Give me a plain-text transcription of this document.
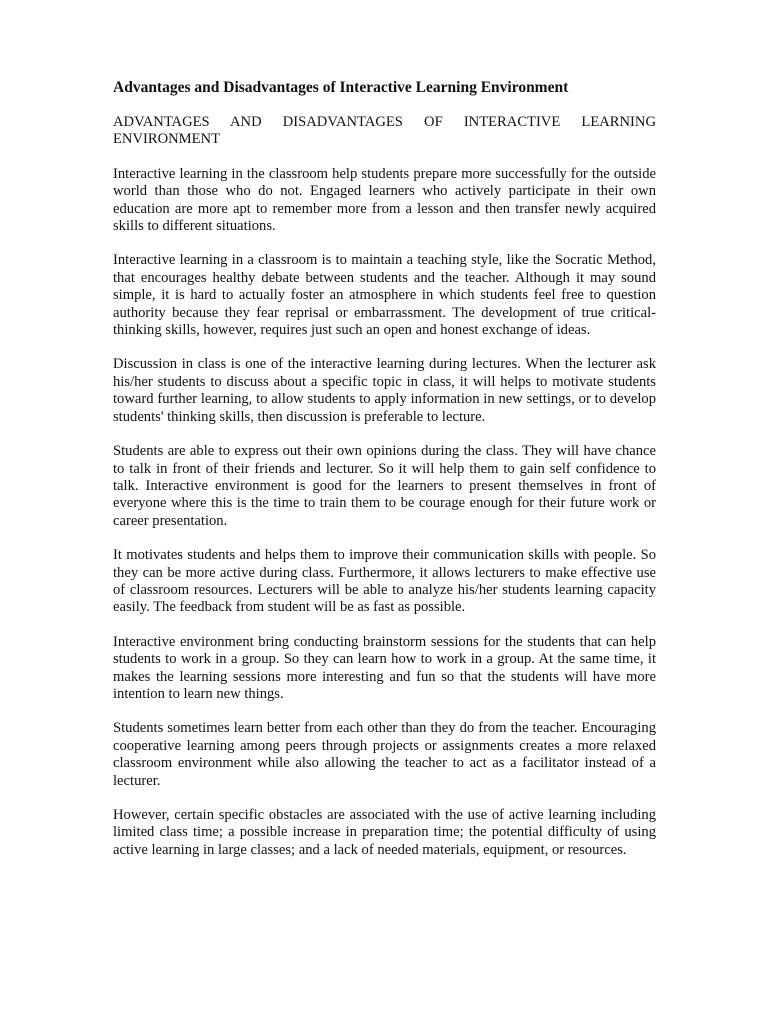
Advantages and Disadvantages of Interactive Learning Environment
ADVANTAGES AND DISADVANTAGES OF INTERACTIVE LEARNING ENVIRONMENT

Interactive learning in the classroom help students prepare more successfully for the outside world than those who do not. Engaged learners who actively participate in their own education are more apt to remember more from a lesson and then transfer newly acquired skills to different situations.

Interactive learning in a classroom is to maintain a teaching style, like the Socratic Method, that encourages healthy debate between students and the teacher. Although it may sound simple, it is hard to actually foster an atmosphere in which students feel free to question authority because they fear reprisal or embarrassment. The development of true critical-thinking skills, however, requires just such an open and honest exchange of ideas.

Discussion in class is one of the interactive learning during lectures. When the lecturer ask his/her students to discuss about a specific topic in class, it will helps to motivate students toward further learning, to allow students to apply information in new settings, or to develop students' thinking skills, then discussion is preferable to lecture.

Students are able to express out their own opinions during the class. They will have chance to talk in front of their friends and lecturer. So it will help them to gain self confidence to talk. Interactive environment is good for the learners to present themselves in front of everyone where this is the time to train them to be courage enough for their future work or career presentation.

It motivates students and helps them to improve their communication skills with people. So they can be more active during class. Furthermore, it allows lecturers to make effective use of classroom resources. Lecturers will be able to analyze his/her students learning capacity easily. The feedback from student will be as fast as possible.

Interactive environment bring conducting brainstorm sessions for the students that can help students to work in a group. So they can learn how to work in a group. At the same time, it makes the learning sessions more interesting and fun so that the students will have more intention to learn new things.

Students sometimes learn better from each other than they do from the teacher. Encouraging cooperative learning among peers through projects or assignments creates a more relaxed classroom environment while also allowing the teacher to act as a facilitator instead of a lecturer.

However, certain specific obstacles are associated with the use of active learning including limited class time; a possible increase in preparation time; the potential difficulty of using active learning in large classes; and a lack of needed materials, equipment, or resources.
